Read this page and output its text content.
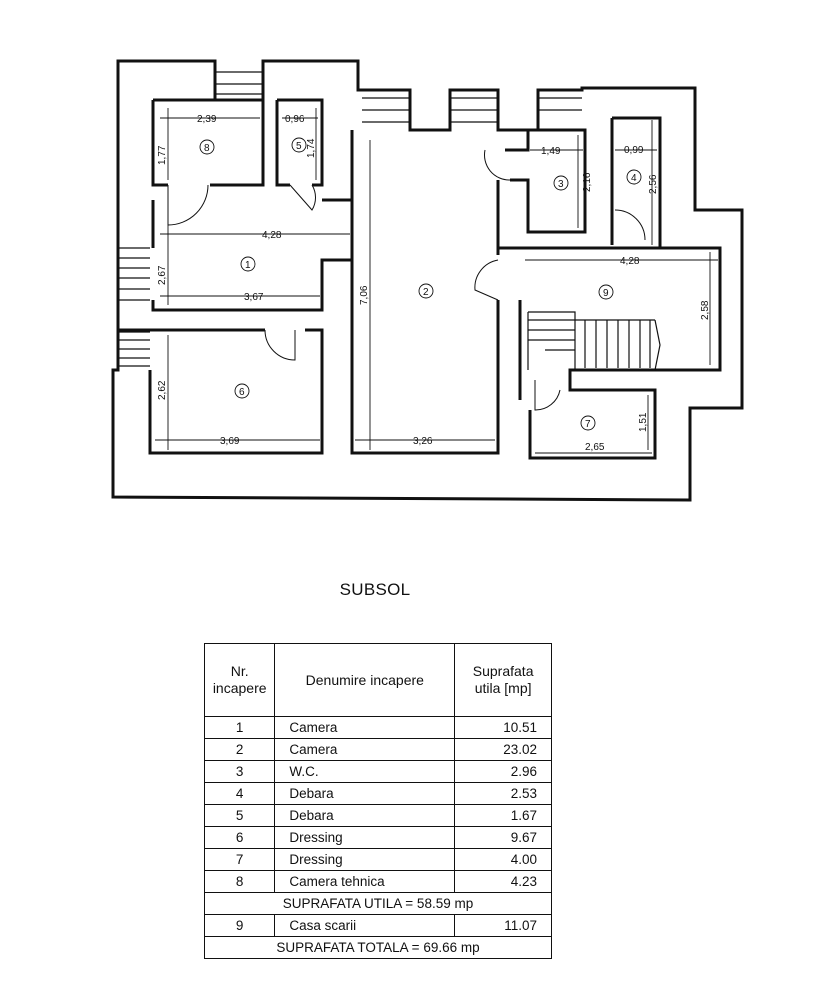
2,39
1,77
0,96
1,74
4,28
2,67
3,67
2,62
3,69
7,06
3,26
1,49
2,16
0,99
2,56
4,28
2,58
2,65
1,51
8	5
1
2
3
4
9
6
7
SUBSOL
Nr. incapere	Denumire incapere	Suprafata utila [mp]
1	Camera	10.51
2	Camera	23.02
3	W.C.	2.96
4	Debara	2.53
5	Debara	1.67
6	Dressing	9.67
7	Dressing	4.00
8	Camera tehnica	4.23
SUPRAFATA UTILA = 58.59 mp		
9	Casa scarii	11.07
SUPRAFATA TOTALA = 69.66 mp		
